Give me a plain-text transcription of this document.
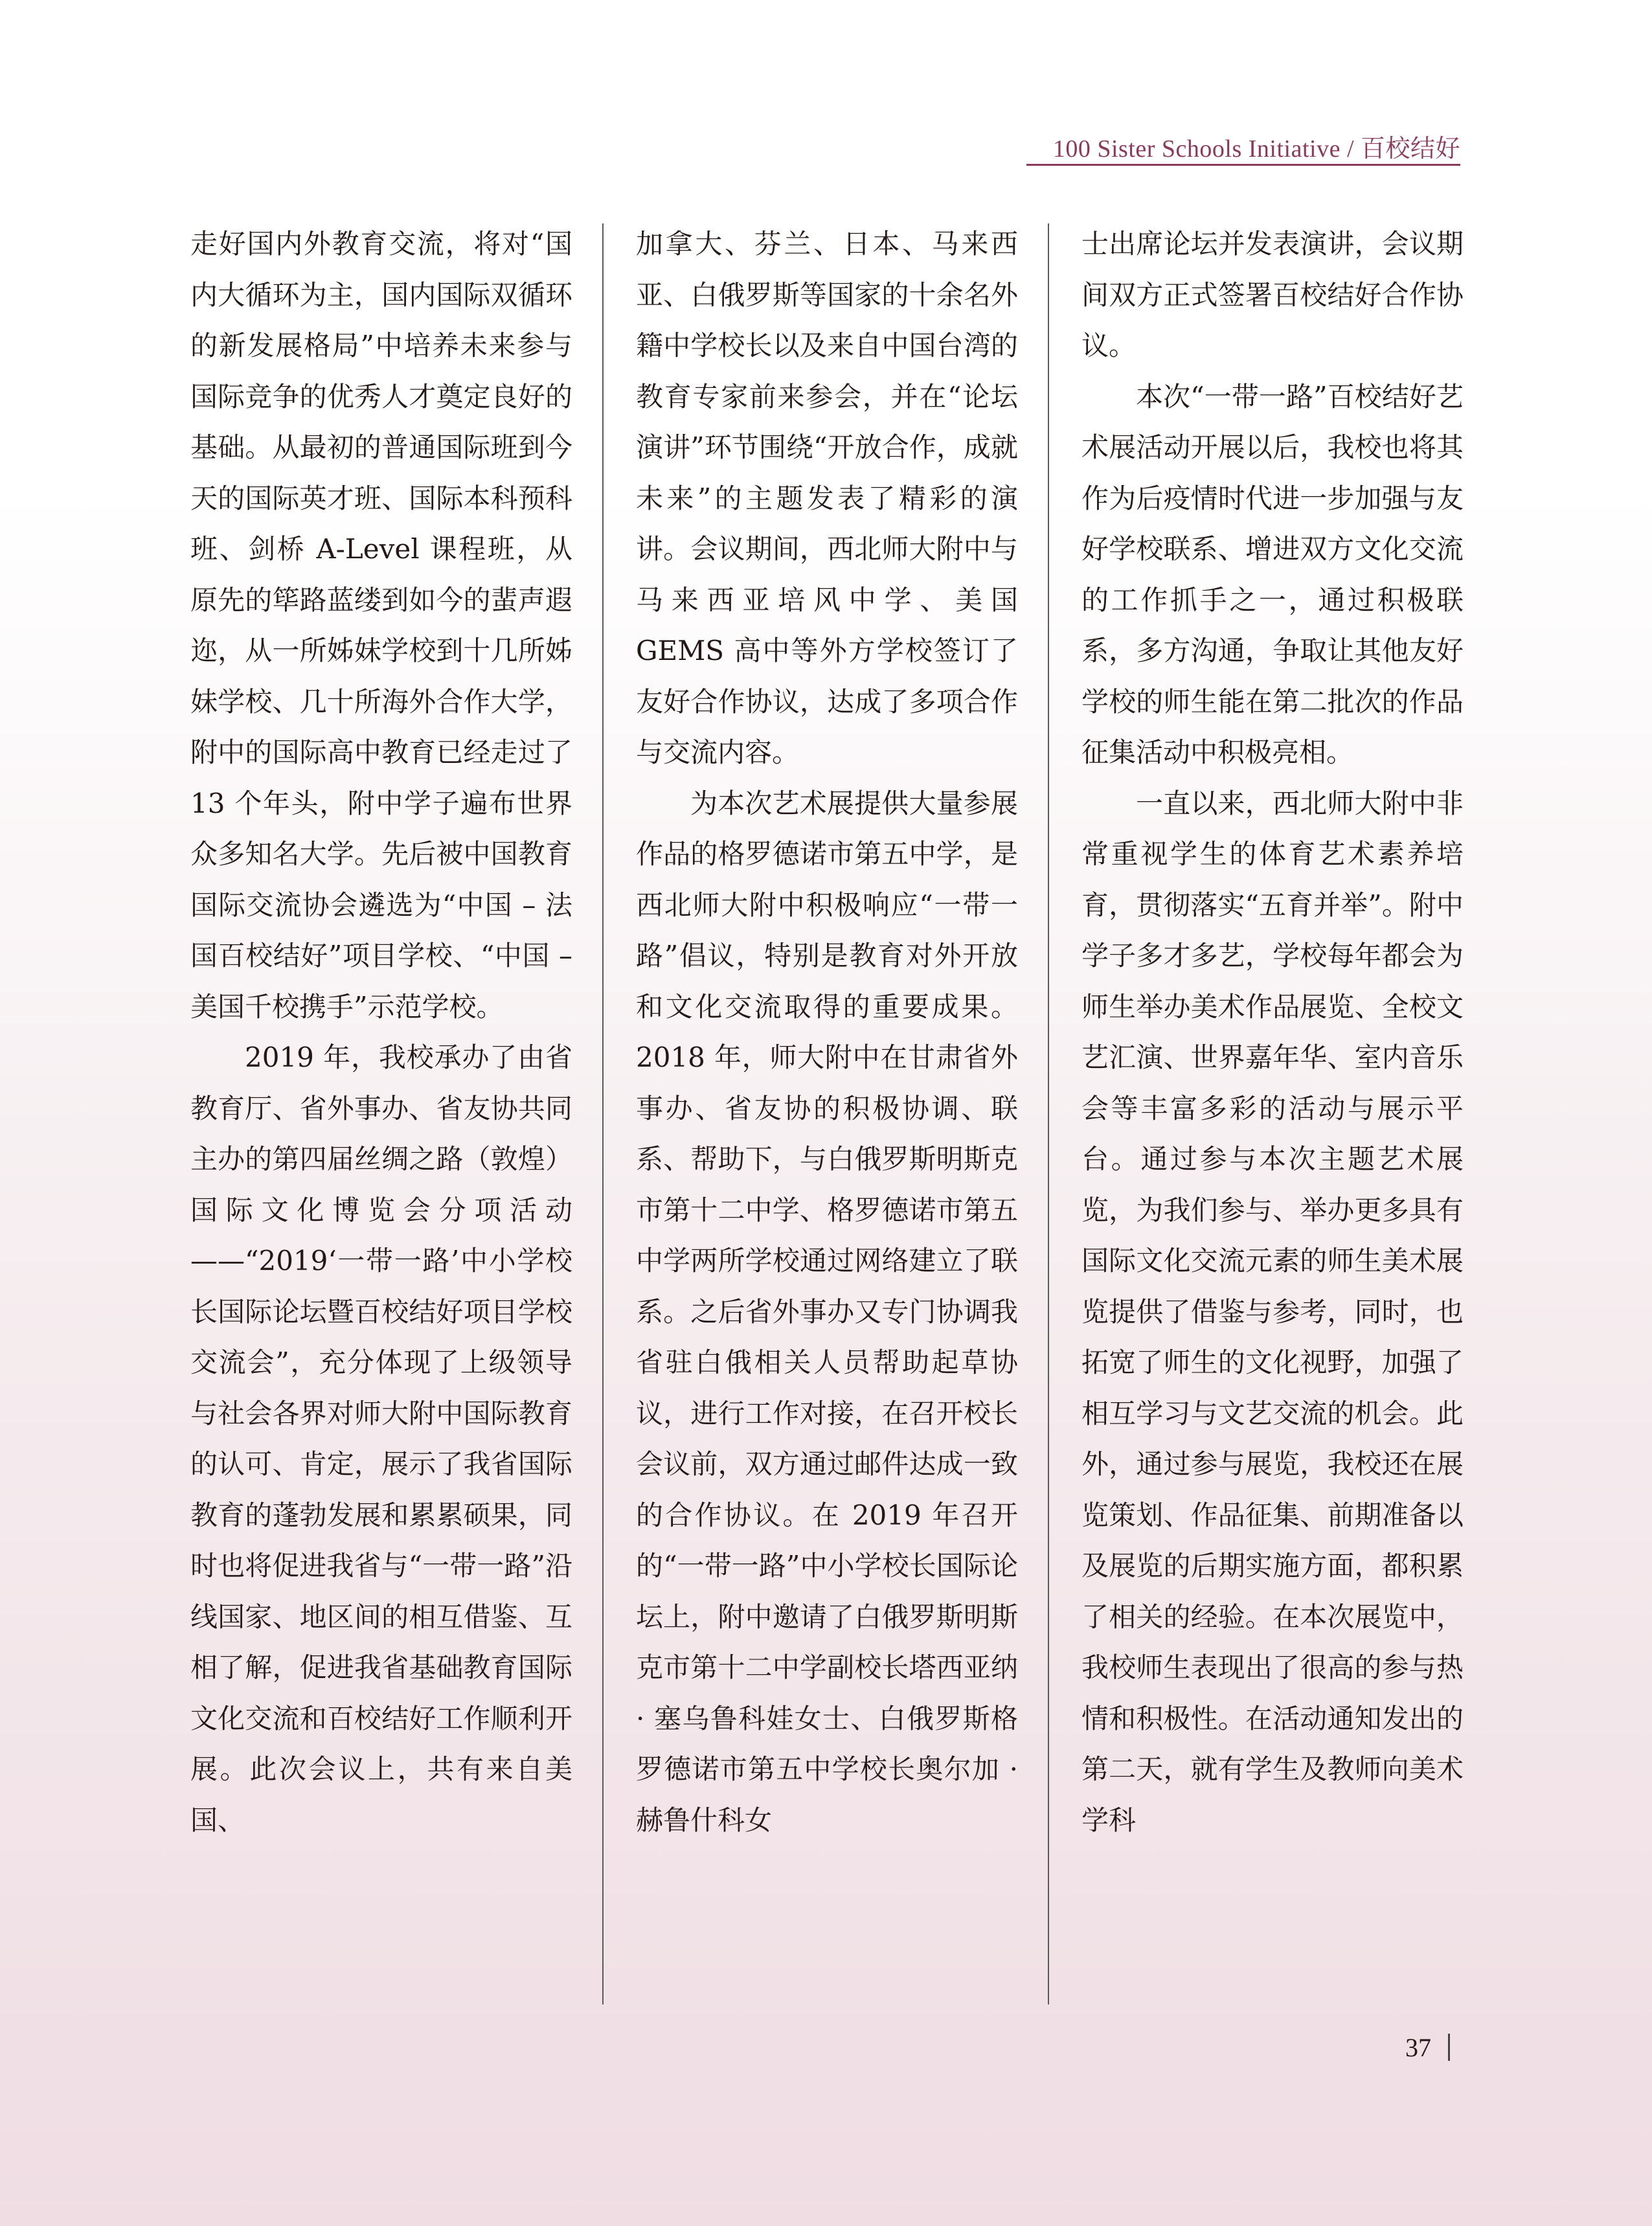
100 Sister Schools Initiative / 百校结好

走好国内外教育交流，将对“国内大循环为主，国内国际双循环的新发展格局”中培养未来参与国际竞争的优秀人才奠定良好的基础。从最初的普通国际班到今天的国际英才班、国际本科预科班、剑桥 A-Level 课程班，从原先的筚路蓝缕到如今的蜚声遐迩，从一所姊妹学校到十几所姊妹学校、几十所海外合作大学，附中的国际高中教育已经走过了 13 个年头，附中学子遍布世界众多知名大学。先后被中国教育国际交流协会遴选为“中国 – 法国百校结好”项目学校、“中国 – 美国千校携手”示范学校。

2019 年，我校承办了由省教育厅、省外事办、省友协共同主办的第四届丝绸之路（敦煌）国际文化博览会分项活动——“2019‘一带一路’中小学校长国际论坛暨百校结好项目学校交流会”，充分体现了上级领导与社会各界对师大附中国际教育的认可、肯定，展示了我省国际教育的蓬勃发展和累累硕果，同时也将促进我省与“一带一路”沿线国家、地区间的相互借鉴、互相了解，促进我省基础教育国际文化交流和百校结好工作顺利开展。此次会议上，共有来自美国、

加拿大、芬兰、日本、马来西亚、白俄罗斯等国家的十余名外籍中学校长以及来自中国台湾的教育专家前来参会，并在“论坛演讲”环节围绕“开放合作，成就未来”的主题发表了精彩的演讲。会议期间，西北师大附中与马来西亚培风中学、美国 GEMS 高中等外方学校签订了友好合作协议，达成了多项合作与交流内容。

为本次艺术展提供大量参展作品的格罗德诺市第五中学，是西北师大附中积极响应“一带一路”倡议，特别是教育对外开放和文化交流取得的重要成果。2018 年，师大附中在甘肃省外事办、省友协的积极协调、联系、帮助下，与白俄罗斯明斯克市第十二中学、格罗德诺市第五中学两所学校通过网络建立了联系。之后省外事办又专门协调我省驻白俄相关人员帮助起草协议，进行工作对接，在召开校长会议前，双方通过邮件达成一致的合作协议。在 2019 年召开的“一带一路”中小学校长国际论坛上，附中邀请了白俄罗斯明斯克市第十二中学副校长塔西亚纳 · 塞乌鲁科娃女士、白俄罗斯格罗德诺市第五中学校长奥尔加 · 赫鲁什科女

士出席论坛并发表演讲，会议期间双方正式签署百校结好合作协议。

本次“一带一路”百校结好艺术展活动开展以后，我校也将其作为后疫情时代进一步加强与友好学校联系、增进双方文化交流的工作抓手之一，通过积极联系，多方沟通，争取让其他友好学校的师生能在第二批次的作品征集活动中积极亮相。

一直以来，西北师大附中非常重视学生的体育艺术素养培育，贯彻落实“五育并举”。附中学子多才多艺，学校每年都会为师生举办美术作品展览、全校文艺汇演、世界嘉年华、室内音乐会等丰富多彩的活动与展示平台。通过参与本次主题艺术展览，为我们参与、举办更多具有国际文化交流元素的师生美术展览提供了借鉴与参考，同时，也拓宽了师生的文化视野，加强了相互学习与文艺交流的机会。此外，通过参与展览，我校还在展览策划、作品征集、前期准备以及展览的后期实施方面，都积累了相关的经验。在本次展览中，我校师生表现出了很高的参与热情和积极性。在活动通知发出的第二天，就有学生及教师向美术学科

37
